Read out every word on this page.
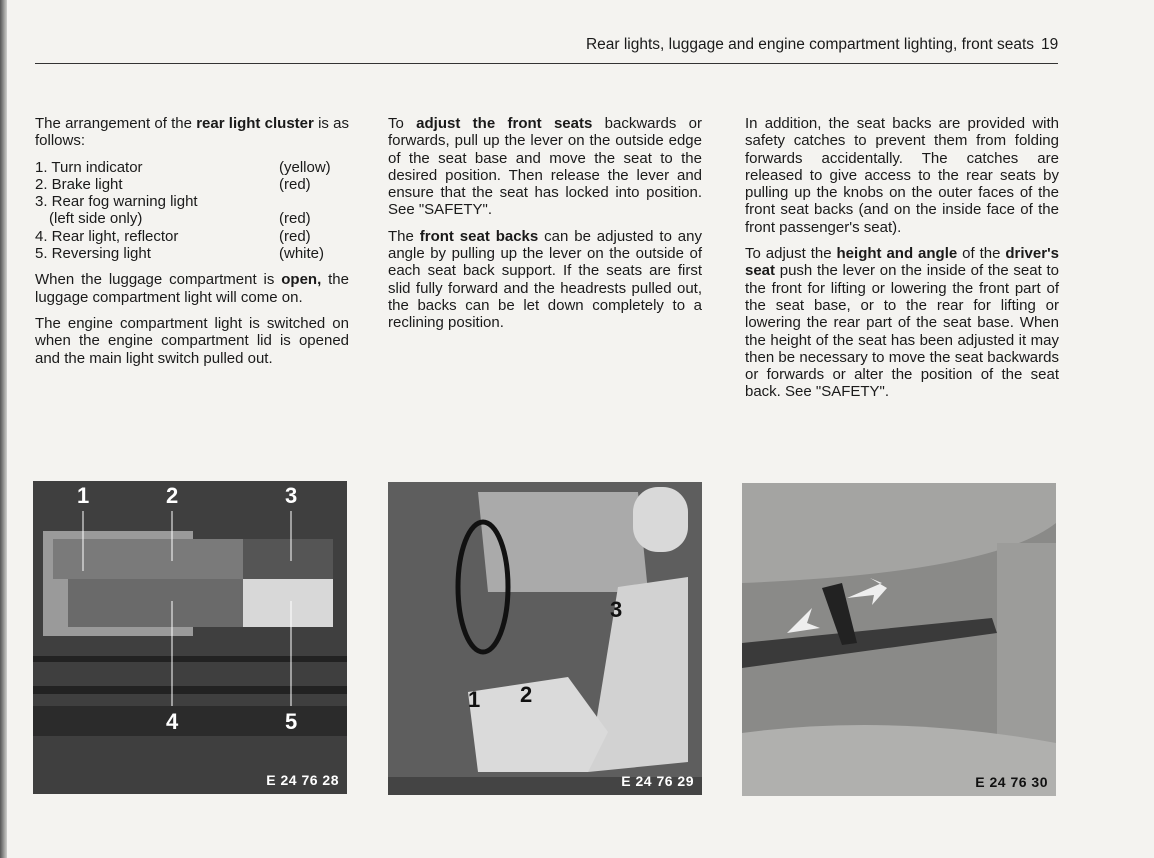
Rear lights, luggage and engine compartment lighting, front seats 19

The arrangement of the rear light cluster is as follows:

1. Turn indicator	(yellow)
2. Brake light	(red)
3. Rear fog warning light
(left side only)	(red)
4. Rear light, reflector	(red)
5. Reversing light	(white)

When the luggage compartment is open, the luggage compartment light will come on.

The engine compartment light is switched on when the engine compartment lid is opened and the main light switch pulled out.

To adjust the front seats backwards or forwards, pull up the lever on the outside edge of the seat base and move the seat to the desired position. Then release the lever and ensure that the seat has locked into position. See "SAFETY".

The front seat backs can be adjusted to any angle by pulling up the lever on the outside of each seat back support. If the seats are first slid fully forward and the headrests pulled out, the backs can be let down completely to a reclining position.

In addition, the seat backs are provided with safety catches to prevent them from folding forwards accidentally. The catches are released to give access to the rear seats by pulling up the knobs on the outer faces of the front seat backs (and on the inside face of the front passenger's seat).

To adjust the height and angle of the driver's seat push the lever on the inside of the seat to the front for lifting or lowering the front part of the seat base, or to the rear for lifting or lowering the rear part of the seat base. When the height of the seat has been adjusted it may then be necessary to move the seat backwards or forwards or alter the position of the seat back. See "SAFETY".

1	2	3
4	5
E 24 76 28
1 2
3
E 24 76 29	E 24 76 30
